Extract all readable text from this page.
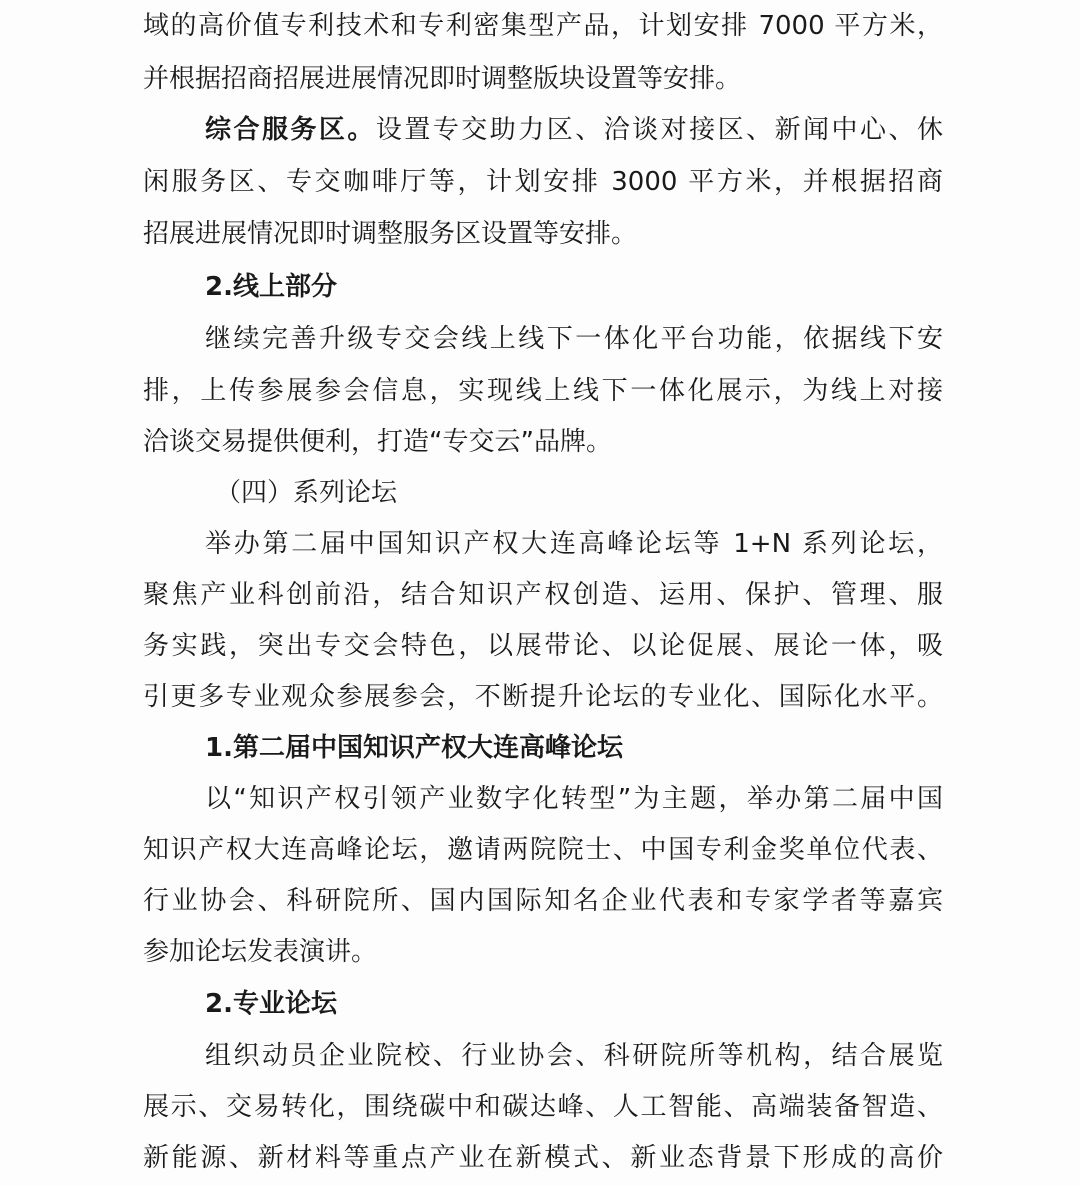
域的高价值专利技术和专利密集型产品，计划安排 7000 平方米，
并根据招商招展进展情况即时调整版块设置等安排。
综合服务区。设置专交助力区、洽谈对接区、新闻中心、休
闲服务区、专交咖啡厅等，计划安排 3000 平方米，并根据招商
招展进展情况即时调整服务区设置等安排。
2.线上部分
继续完善升级专交会线上线下一体化平台功能，依据线下安
排，上传参展参会信息，实现线上线下一体化展示，为线上对接
洽谈交易提供便利，打造“专交云”品牌。
（四）系列论坛
举办第二届中国知识产权大连高峰论坛等 1+N 系列论坛，
聚焦产业科创前沿，结合知识产权创造、运用、保护、管理、服
务实践，突出专交会特色，以展带论、以论促展、展论一体，吸
引更多专业观众参展参会，不断提升论坛的专业化、国际化水平。
1.第二届中国知识产权大连高峰论坛
以“知识产权引领产业数字化转型”为主题，举办第二届中国
知识产权大连高峰论坛，邀请两院院士、中国专利金奖单位代表、
行业协会、科研院所、国内国际知名企业代表和专家学者等嘉宾
参加论坛发表演讲。
2.专业论坛
组织动员企业院校、行业协会、科研院所等机构，结合展览
展示、交易转化，围绕碳中和碳达峰、人工智能、高端装备智造、
新能源、新材料等重点产业在新模式、新业态背景下形成的高价
